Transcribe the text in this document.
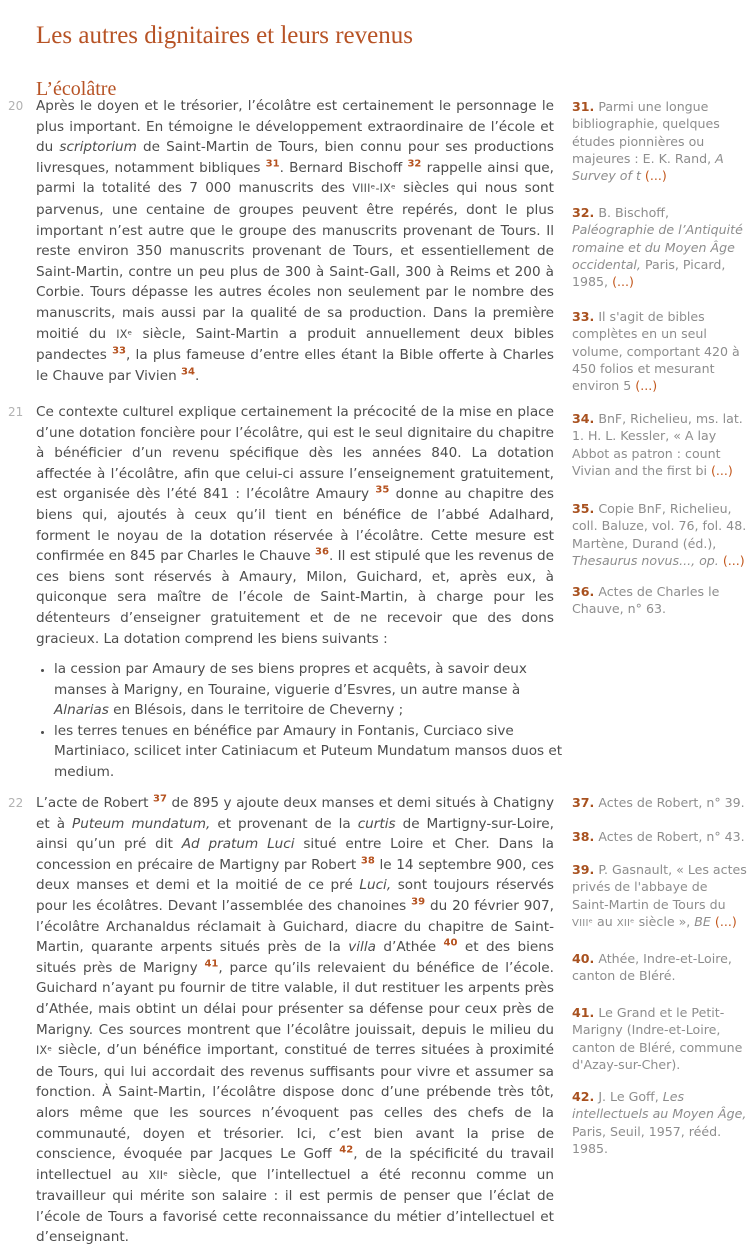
Les autres dignitaires et leurs revenus
L’écolâtre
20 Après le doyen et le trésorier, l’écolâtre est certainement le personnage le plus important. En témoigne le développement extraordinaire de l’école et du scriptorium de Saint-Martin de Tours, bien connu pour ses productions livresques, notamment bibliques $^{31}$. Bernard Bischoff $^{32}$ rappelle ainsi que, parmi la totalité des 7 000 manuscrits des VIIIᵉ-IXᵉ siècles qui nous sont parvenus, une centaine de groupes peuvent être repérés, dont le plus important n’est autre que le groupe des manuscrits provenant de Tours. Il reste environ 350 manuscrits provenant de Tours, et essentiellement de Saint-Martin, contre un peu plus de 300 à Saint-Gall, 300 à Reims et 200 à Corbie. Tours dépasse les autres écoles non seulement par le nombre des manuscrits, mais aussi par la qualité de sa production. Dans la première moitié du IXᵉ siècle, Saint-Martin a produit annuellement deux bibles pandectes $^{33}$, la plus fameuse d’entre elles étant la Bible offerte à Charles le Chauve par Vivien $^{34}$.

21 Ce contexte culturel explique certainement la précocité de la mise en place d’une dotation foncière pour l’écolâtre, qui est le seul dignitaire du chapitre à bénéficier d’un revenu spécifique dès les années 840. La dotation affectée à l’écolâtre, afin que celui-ci assure l’enseignement gratuitement, est organisée dès l’été 841 : l’écolâtre Amaury $^{35}$ donne au chapitre des biens qui, ajoutés à ceux qu’il tient en bénéfice de l’abbé Adalhard, forment le noyau de la dotation réservée à l’écolâtre. Cette mesure est confirmée en 845 par Charles le Chauve $^{36}$. Il est stipulé que les revenus de ces biens sont réservés à Amaury, Milon, Guichard, et, après eux, à quiconque sera maître de l’école de Saint-Martin, à charge pour les détenteurs d’enseigner gratuitement et de ne recevoir que des dons gracieux. La dotation comprend les biens suivants :

• la cession par Amaury de ses biens propres et acquêts, à savoir deux manses à Marigny, en Touraine, viguerie d’Esvres, un autre manse à Alnarias en Blésois, dans le territoire de Cheverny ;
• les terres tenues en bénéfice par Amaury in Fontanis, Curciaco sive Martiniaco, scilicet inter Catiniacum et Puteum Mundatum mansos duos et medium.
22 L’acte de Robert $^{37}$ de 895 y ajoute deux manses et demi situés à Chatigny et à Puteum mundatum, et provenant de la curtis de Martigny-sur-Loire, ainsi qu’un pré dit Ad pratum Luci situé entre Loire et Cher. Dans la concession en précaire de Martigny par Robert $^{38}$ le 14 septembre 900, ces deux manses et demi et la moitié de ce pré Luci, sont toujours réservés pour les écolâtres. Devant l’assemblée des chanoines $^{39}$ du 20 février 907, l’écolâtre Archanaldus réclamait à Guichard, diacre du chapitre de Saint-Martin, quarante arpents situés près de la villa d’Athée $^{40}$ et des biens situés près de Marigny $^{41}$, parce qu’ils relevaient du bénéfice de l’école. Guichard n’ayant pu fournir de titre valable, il dut restituer les arpents près d’Athée, mais obtint un délai pour présenter sa défense pour ceux près de Marigny. Ces sources montrent que l’écolâtre jouissait, depuis le milieu du IXᵉ siècle, d’un bénéfice important, constitué de terres situées à proximité de Tours, qui lui accordait des revenus suffisants pour vivre et assumer sa fonction. À Saint-Martin, l’écolâtre dispose donc d’une prébende très tôt, alors même que les sources n’évoquent pas celles des chefs de la communauté, doyen et trésorier. Ici, c’est bien avant la prise de conscience, évoquée par Jacques Le Goff $^{42}$, de la spécificité du travail intellectuel au XIIᵉ siècle, que l’intellectuel a été reconnu comme un travailleur qui mérite son salaire : il est permis de penser que l’éclat de l’école de Tours a favorisé cette reconnaissance du métier d’intellectuel et d’enseignant.

31. Parmi une longue bibliographie, quelques études pionnières ou majeures : E. K. Rand, A Survey of t (...)
32. B. Bischoff, Paléographie de l’Antiquité romaine et du Moyen Âge occidental, Paris, Picard, 1985, (...)
33. Il s'agit de bibles complètes en un seul volume, comportant 420 à 450 folios et mesurant environ 5 (...)
34. BnF, Richelieu, ms. lat. 1. H. L. Kessler, « A lay Abbot as patron : count Vivian and the first bi (...)
35. Copie BnF, Richelieu, coll. Baluze, vol. 76, fol. 48. Martène, Durand (éd.), Thesaurus novus..., op. (...)
36. Actes de Charles le Chauve, n° 63.
37. Actes de Robert, n° 39.
38. Actes de Robert, n° 43.
39. P. Gasnault, « Les actes privés de l'abbaye de Saint-Martin de Tours du VIIIᵉ au XIIᵉ siècle », BE (...)
40. Athée, Indre-et-Loire, canton de Bléré.
41. Le Grand et le Petit-Marigny (Indre-et-Loire, canton de Bléré, commune d'Azay-sur-Cher).
42. J. Le Goff, Les intellectuels au Moyen Âge, Paris, Seuil, 1957, rééd. 1985.
